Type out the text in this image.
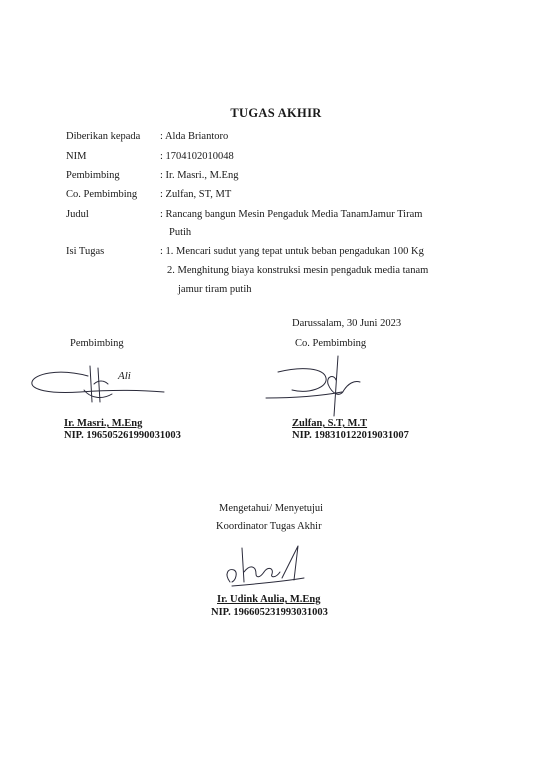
TUGAS AKHIR
Diberikan kepada	: Alda Briantoro
NIM	: 1704102010048
Pembimbing	: Ir. Masri., M.Eng
Co. Pembimbing	: Zulfan, ST, MT
Judul	: Rancang bangun Mesin Pengaduk Media TanamJamur Tiram
Putih
Isi Tugas	: 1. Mencari sudut yang tepat untuk beban pengadukan 100 Kg
2. Menghitung biaya konstruksi mesin pengaduk media tanam
jamur tiram putih
Darussalam, 30 Juni 2023
Pembimbing
Ali
Ir. Masri., M.Eng
NIP. 196505261990031003
Co. Pembimbing
Zulfan, S.T, M.T
NIP. 198310122019031007
Mengetahui/ Menyetujui
Koordinator Tugas Akhir
Ir. Udink Aulia, M.Eng
NIP. 196605231993031003
